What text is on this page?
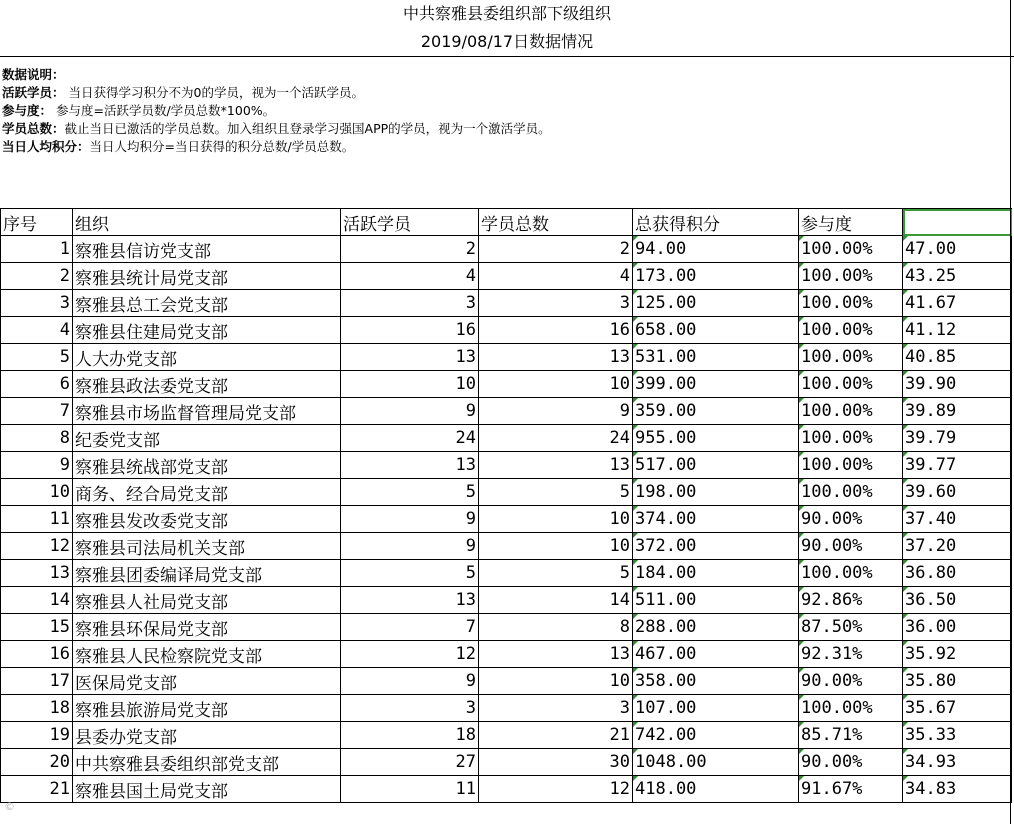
中共察雅县委组织部下级组织
2019/08/17日数据情况
数据说明：
活跃学员： 当日获得学习积分不为0的学员，视为一个活跃学员。
参与度： 参与度=活跃学员数/学员总数*100%。
学员总数：截止当日已激活的学员总数。加入组织且登录学习强国APP的学员，视为一个激活学员。
当日人均积分：当日人均积分=当日获得的积分总数/学员总数。
序号	组织	活跃学员	学员总数	总获得积分	参与度	
1	察雅县信访党支部	2	2	94.00	100.00%	47.00
2	察雅县统计局党支部	4	4	173.00	100.00%	43.25
3	察雅县总工会党支部	3	3	125.00	100.00%	41.67
4	察雅县住建局党支部	16	16	658.00	100.00%	41.12
5	人大办党支部	13	13	531.00	100.00%	40.85
6	察雅县政法委党支部	10	10	399.00	100.00%	39.90
7	察雅县市场监督管理局党支部	9	9	359.00	100.00%	39.89
8	纪委党支部	24	24	955.00	100.00%	39.79
9	察雅县统战部党支部	13	13	517.00	100.00%	39.77
10	商务、经合局党支部	5	5	198.00	100.00%	39.60
11	察雅县发改委党支部	9	10	374.00	90.00%	37.40
12	察雅县司法局机关支部	9	10	372.00	90.00%	37.20
13	察雅县团委编译局党支部	5	5	184.00	100.00%	36.80
14	察雅县人社局党支部	13	14	511.00	92.86%	36.50
15	察雅县环保局党支部	7	8	288.00	87.50%	36.00
16	察雅县人民检察院党支部	12	13	467.00	92.31%	35.92
17	医保局党支部	9	10	358.00	90.00%	35.80
18	察雅县旅游局党支部	3	3	107.00	100.00%	35.67
19	县委办党支部	18	21	742.00	85.71%	35.33
20	中共察雅县委组织部党支部	27	30	1048.00	90.00%	34.93
21	察雅县国土局党支部	11	12	418.00	91.67%	34.83
©
